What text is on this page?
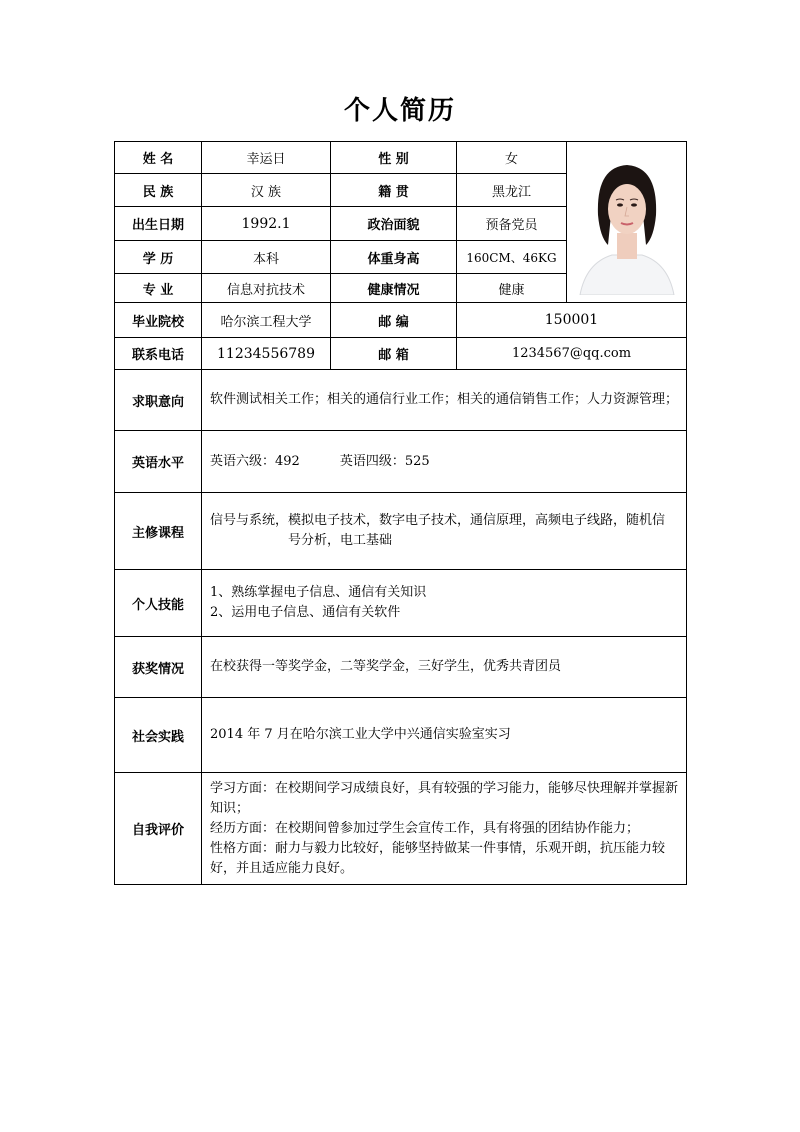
个人简历
姓 名	幸运日	性 别	女	
民 族	汉 族	籍 贯	黑龙江	
出生日期	1992.1	政治面貌	预备党员	
学 历	本科	体重身高	160CM、46KG	
专 业	信息对抗技术	健康情况	健康	
毕业院校	哈尔滨工程大学	邮 编	150001	
联系电话	11234556789	邮 箱	1234567@qq.com	
求职意向	软件测试相关工作；相关的通信行业工作；相关的通信销售工作；人力资源管理；			
英语水平	英语六级：492 英语四级：525			
主修课程	信号与系统，模拟电子技术，数字电子技术，通信原理，高频电子线路，随机信
号分析，电工基础			

个人技能	1、熟练掌握电子信息、通信有关知识
2、运用电子信息、通信有关软件			

获奖情况	在校获得一等奖学金，二等奖学金，三好学生，优秀共青团员			
社会实践	2014 年 7 月在哈尔滨工业大学中兴通信实验室实习			
自我评价	学习方面：在校期间学习成绩良好，具有较强的学习能力，能够尽快理解并掌握新知识；
经历方面：在校期间曾参加过学生会宣传工作，具有将强的团结协作能力；
性格方面：耐力与毅力比较好，能够坚持做某一件事情，乐观开朗，抗压能力较好，并且适应能力良好。			
